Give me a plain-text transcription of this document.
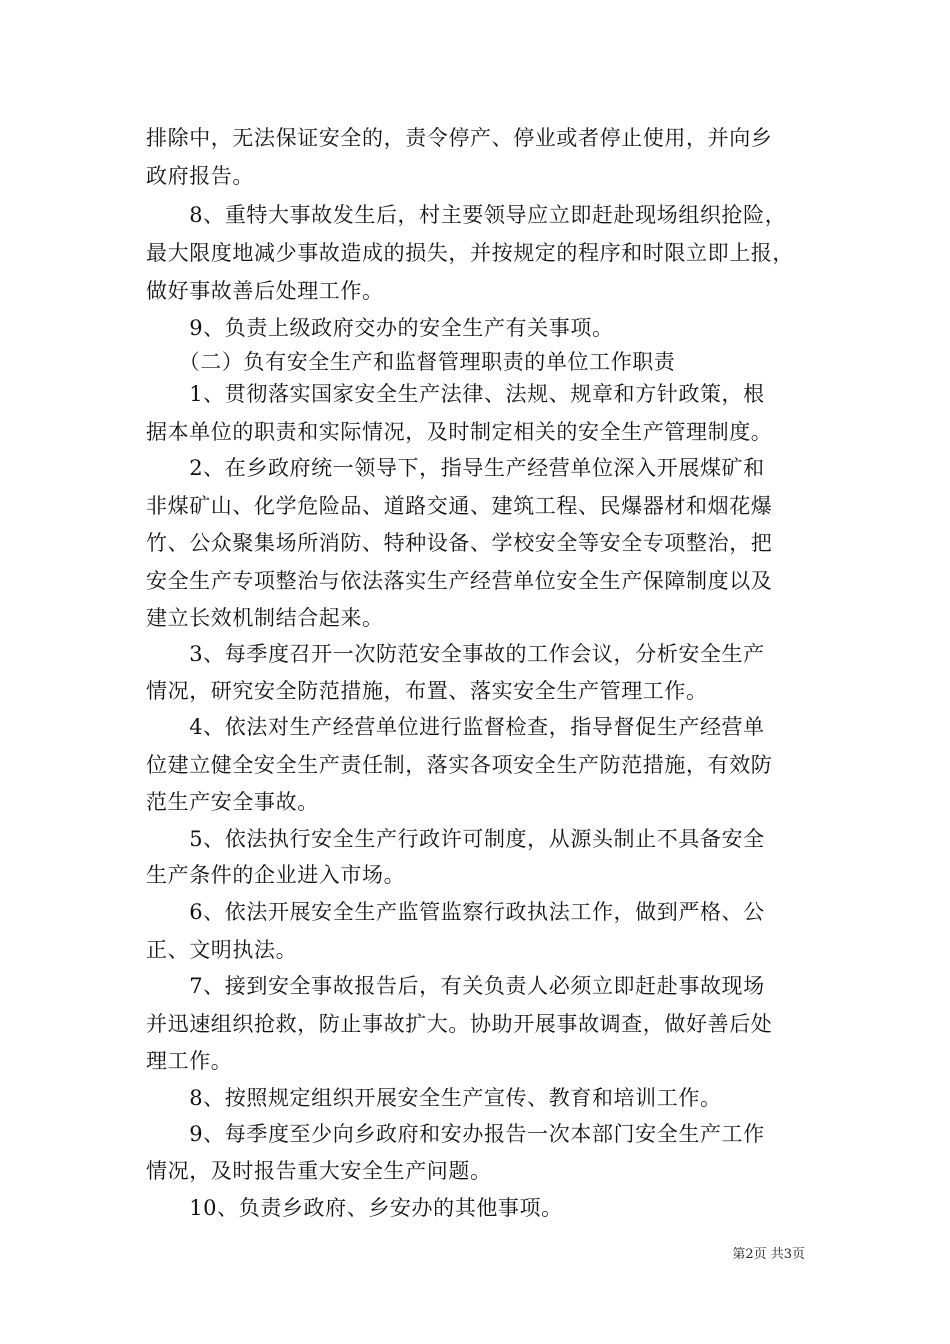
排除中，无法保证安全的，责令停产、停业或者停止使用，并向乡
政府报告。
　　8、重特大事故发生后，村主要领导应立即赶赴现场组织抢险，
最大限度地减少事故造成的损失，并按规定的程序和时限立即上报，
做好事故善后处理工作。
　　9、负责上级政府交办的安全生产有关事项。
　　（二）负有安全生产和监督管理职责的单位工作职责
　　1、贯彻落实国家安全生产法律、法规、规章和方针政策，根
据本单位的职责和实际情况，及时制定相关的安全生产管理制度。
　　2、在乡政府统一领导下，指导生产经营单位深入开展煤矿和
非煤矿山、化学危险品、道路交通、建筑工程、民爆器材和烟花爆
竹、公众聚集场所消防、特种设备、学校安全等安全专项整治，把
安全生产专项整治与依法落实生产经营单位安全生产保障制度以及
建立长效机制结合起来。
　　3、每季度召开一次防范安全事故的工作会议，分析安全生产
情况，研究安全防范措施，布置、落实安全生产管理工作。
　　4、依法对生产经营单位进行监督检查，指导督促生产经营单
位建立健全安全生产责任制，落实各项安全生产防范措施，有效防
范生产安全事故。
　　5、依法执行安全生产行政许可制度，从源头制止不具备安全
生产条件的企业进入市场。
　　6、依法开展安全生产监管监察行政执法工作，做到严格、公
正、文明执法。
　　7、接到安全事故报告后，有关负责人必须立即赶赴事故现场
并迅速组织抢救，防止事故扩大。协助开展事故调查，做好善后处
理工作。
　　8、按照规定组织开展安全生产宣传、教育和培训工作。
　　9、每季度至少向乡政府和安办报告一次本部门安全生产工作
情况，及时报告重大安全生产问题。
　　10、负责乡政府、乡安办的其他事项。
第2页 共3页
